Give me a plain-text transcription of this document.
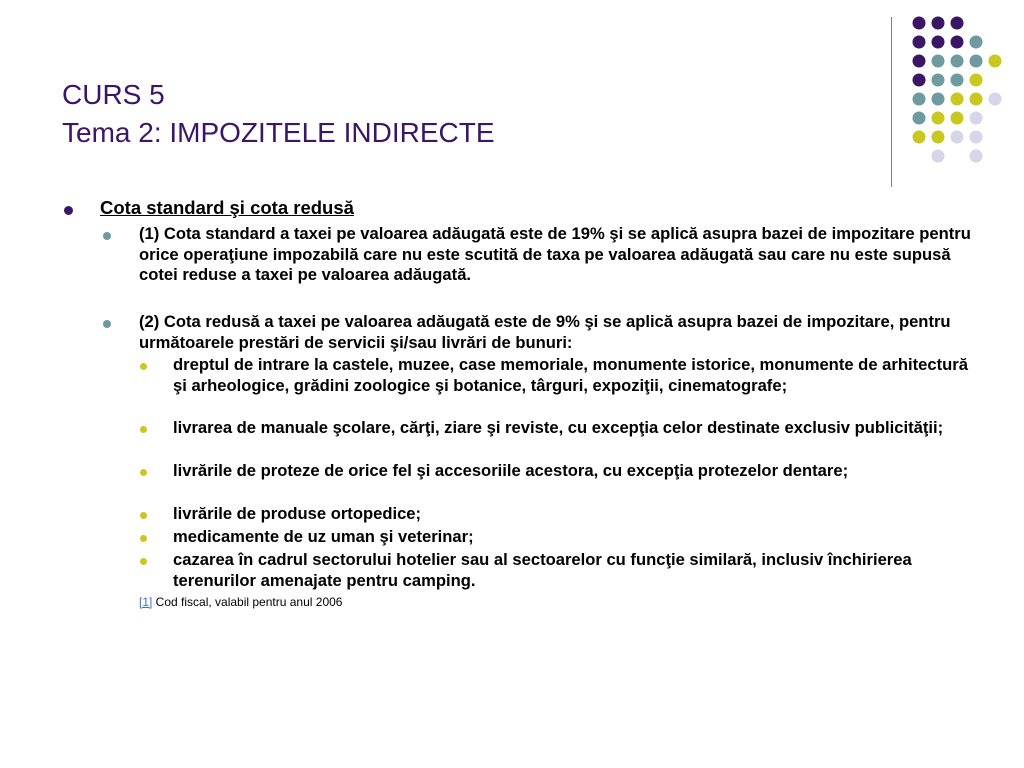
CURS 5
Tema 2: IMPOZITELE INDIRECTE
Cota standard şi cota redusă
(1) Cota standard a taxei pe valoarea adăugată este de 19% şi se aplică asupra bazei de impozitare pentru orice operaţiune impozabilă care nu este scutită de taxa pe valoarea adăugată sau care nu este supusă cotei reduse a taxei pe valoarea adăugată.
(2) Cota redusă a taxei pe valoarea adăugată este de 9% şi se aplică asupra bazei de impozitare, pentru următoarele prestări de servicii şi/sau livrări de bunuri:
dreptul de intrare la castele, muzee, case memoriale, monumente istorice, monumente de arhitectură şi arheologice, grădini zoologice şi botanice, târguri, expoziţii, cinematografe;
livrarea de manuale şcolare, cărţi, ziare şi reviste, cu excepţia celor destinate exclusiv publicităţii;
livrările de proteze de orice fel şi accesoriile acestora, cu excepţia protezelor dentare;
livrările de produse ortopedice;
medicamente de uz uman şi veterinar;
cazarea în cadrul sectorului hotelier sau al sectoarelor cu funcţie similară, inclusiv închirierea terenurilor amenajate pentru camping.
[1] Cod fiscal, valabil pentru anul 2006
